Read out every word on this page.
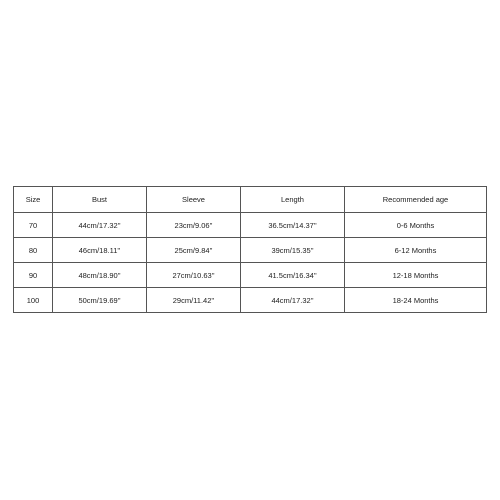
Size	Bust	Sleeve	Length	Recommended age
70	44cm/17.32''	23cm/9.06''	36.5cm/14.37''	0-6 Months
80	46cm/18.11''	25cm/9.84''	39cm/15.35''	6-12 Months
90	48cm/18.90''	27cm/10.63''	41.5cm/16.34''	12-18 Months
100	50cm/19.69''	29cm/11.42''	44cm/17.32''	18-24 Months
